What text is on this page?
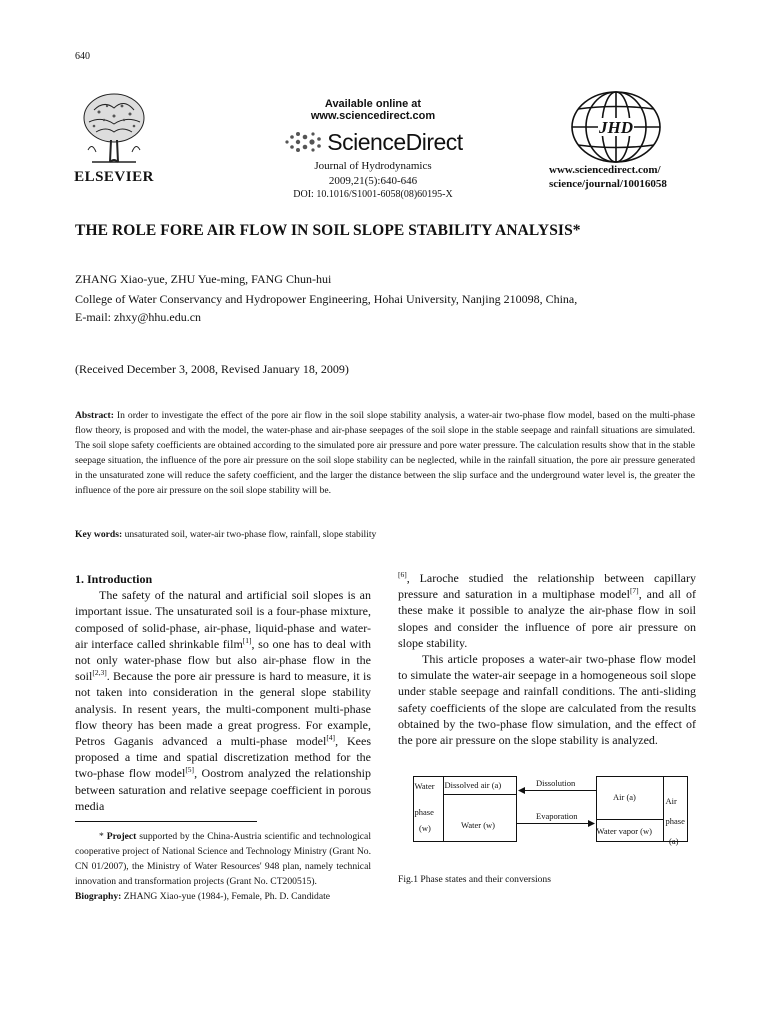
640
ELSEVIER
Available online at www.sciencedirect.com
ScienceDirect
Journal of Hydrodynamics
2009,21(5):640-646
DOI: 10.1016/S1001-6058(08)60195-X
JHD
www.sciencedirect.com/
science/journal/10016058
THE ROLE FORE AIR FLOW IN SOIL SLOPE STABILITY ANALYSIS*
ZHANG Xiao-yue, ZHU Yue-ming, FANG Chun-hui
College of Water Conservancy and Hydropower Engineering, Hohai University, Nanjing 210098, China,
E-mail: zhxy@hhu.edu.cn
(Received December 3, 2008, Revised January 18, 2009)
Abstract: In order to investigate the effect of the pore air flow in the soil slope stability analysis, a water-air two-phase flow model, based on the multi-phase flow theory, is proposed and with the model, the water-phase and air-phase seepages of the soil slope in the stable seepage and rainfall situations are simulated. The soil slope safety coefficients are obtained according to the simulated pore air pressure and pore water pressure. The calculation results show that in the stable seepage situation, the influence of the pore air pressure on the soil slope stability can be neglected, while in the rainfall situation, the pore air pressure generated in the unsaturated zone will reduce the safety coefficient, and the larger the distance between the slip surface and the underground water level is, the greater the influence of the pore air pressure on the soil slope stability will be.
Key words: unsaturated soil, water-air two-phase flow, rainfall, slope stability
1. Introduction
The safety of the natural and artificial soil slopes is an important issue. The unsaturated soil is a four-phase mixture, composed of solid-phase, air-phase, liquid-phase and water-air interface called shrinkable film[1], so one has to deal with not only water-phase flow but also air-phase flow in the soil[2,3]. Because the pore air pressure is hard to measure, it is not taken into consideration in the general slope stability analysis. In resent years, the multi-component multi-phase flow theory has been made a great progress. For example, Petros Gaganis advanced a multi-phase model[4], Kees proposed a time and spatial discretization method for the two-phase flow model[5], Oostrom analyzed the relationship between saturation and relative seepage coefficient in porous media
[6], Laroche studied the relationship between capillary pressure and saturation in a multiphase model[7], and all of these make it possible to analyze the air-phase flow in soil slopes and consider the influence of pore air pressure on slope stability.
This article proposes a water-air two-phase flow model to simulate the water-air seepage in a homogeneous soil slope under stable seepage and rainfall conditions. The anti-sliding safety coefficients of the slope are calculated from the results obtained by the two-phase flow simulation, and the effect of the pore air pressure on the slope stability is analyzed.
* Project supported by the China-Austria scientific and technological cooperative project of National Science and Technology Ministry (Grant No. CN 01/2007), the Ministry of Water Resources' 948 plan, namely technical innovation and transformation projects (Grant No. CT200515).
Biography: ZHANG Xiao-yue (1984-), Female, Ph. D. Candidate
Water
phase
(w)
Dissolved air (a)
Water (w)
Air (a)
Water vapor (w)
Air
phase
(a)
Dissolution
Evaporation
Fig.1 Phase states and their conversions
